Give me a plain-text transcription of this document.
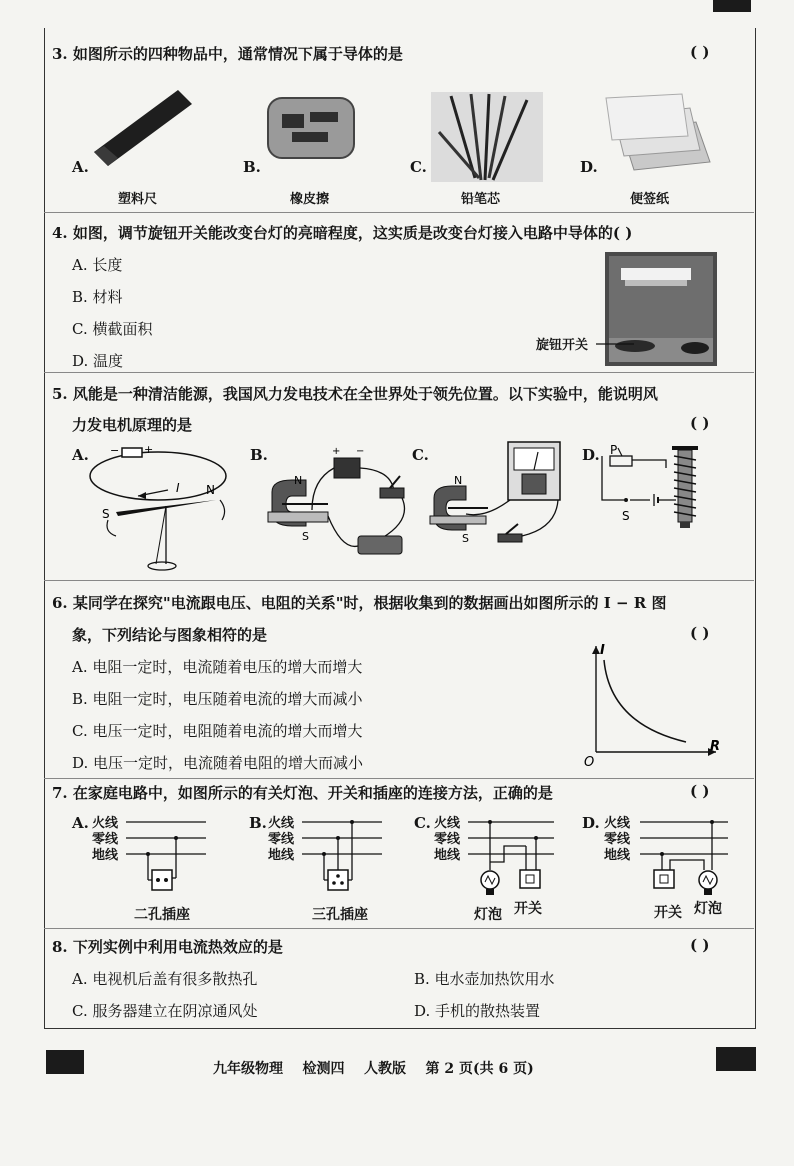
3. 如图所示的四种物品中，通常情况下属于导体的是	( )
A.
塑料尺
B.
橡皮擦
C.
铅笔芯
D.
便签纸
4. 如图，调节旋钮开关能改变台灯的亮暗程度，这实质是改变台灯接入电路中导体的( )
A. 长度
B. 材料
C. 横截面积
D. 温度
旋钮开关
5. 风能是一种清洁能源，我国风力发电技术在全世界处于领先位置。以下实验中，能说明风
力发电机原理的是	( )
A. − +
I
S
N
B.	+ −
N
S
C.
N
S
D. P
S
6. 某同学在探究"电流跟电压、电阻的关系"时，根据收集到的数据画出如图所示的 I − R 图
象，下列结论与图象相符的是	( )
A. 电阻一定时，电流随着电压的增大而增大
B. 电阻一定时，电压随着电流的增大而减小
C. 电压一定时，电阻随着电流的增大而增大
D. 电压一定时，电流随着电阻的增大而减小
I
R
O
7. 在家庭电路中，如图所示的有关灯泡、开关和插座的连接方法，正确的是	( )
A. 火线
零线
地线
二孔插座
B. 火线
零线
地线
三孔插座
C. 火线
零线
地线
灯泡 开关
D. 火线
零线
地线
开关 灯泡
8. 下列实例中利用电流热效应的是	( )
A. 电视机后盖有很多散热孔	B. 电水壶加热饮用水
C. 服务器建立在阴凉通风处	D. 手机的散热装置
九年级物理    检测四    人教版    第 2 页(共 6 页)
